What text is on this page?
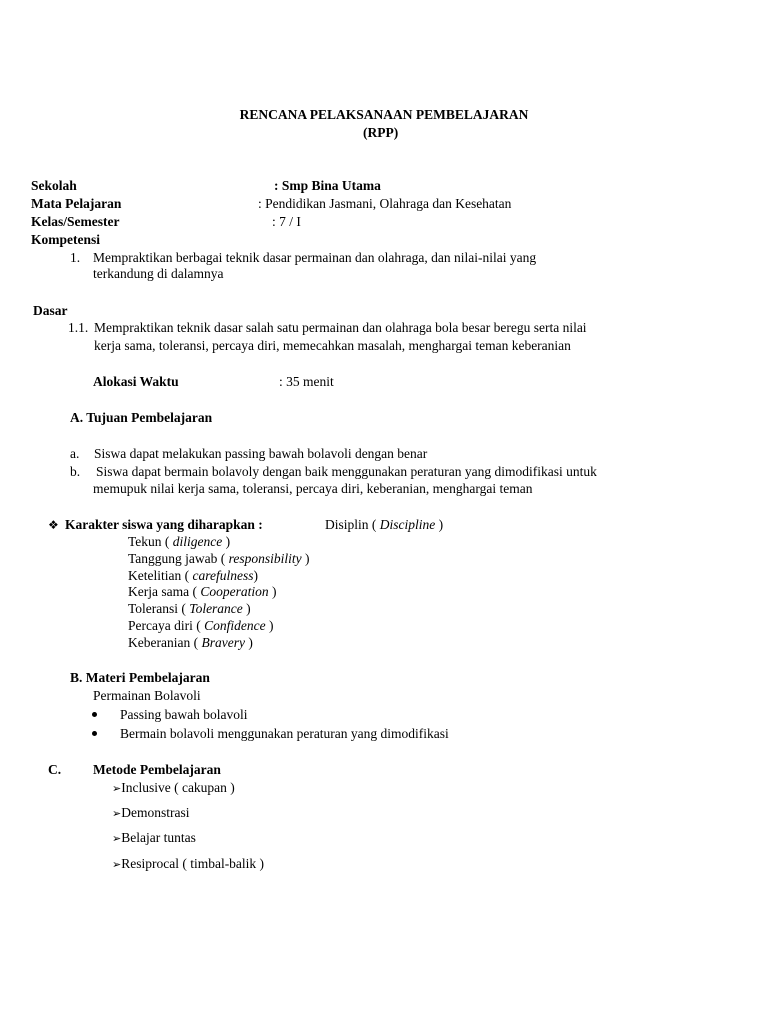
RENCANA PELAKSANAAN PEMBELAJARAN
(RPP)
Sekolah	: Smp Bina Utama
Mata Pelajaran	: Pendidikan Jasmani, Olahraga dan Kesehatan
Kelas/Semester	: 7 / I
Kompetensi
1. Mempraktikan berbagai teknik dasar permainan dan olahraga, dan nilai-nilai yang
terkandung di dalamnya
Dasar
1.1. Mempraktikan teknik dasar salah satu permainan dan olahraga bola besar beregu serta nilai
kerja sama, toleransi, percaya diri, memecahkan masalah, menghargai teman keberanian
Alokasi Waktu	: 35 menit
A. Tujuan Pembelajaran
a. Siswa dapat melakukan passing bawah bolavoli dengan benar
b. Siswa dapat bermain bolavoly dengan baik menggunakan peraturan yang dimodifikasi untuk
memupuk nilai kerja sama, toleransi, percaya diri, keberanian, menghargai teman
❖ Karakter siswa yang diharapkan :	Disiplin ( Discipline )
Tekun ( diligence )
Tanggung jawab ( responsibility )
Ketelitian ( carefulness)
Kerja sama ( Cooperation )
Toleransi ( Tolerance )
Percaya diri ( Confidence )
Keberanian ( Bravery )
B. Materi Pembelajaran
Permainan Bolavoli
Passing bawah bolavoli
Bermain bolavoli menggunakan peraturan yang dimodifikasi
C. Metode Pembelajaran
➢Inclusive ( cakupan )
➢Demonstrasi
➢Belajar tuntas
➢Resiprocal ( timbal-balik )
